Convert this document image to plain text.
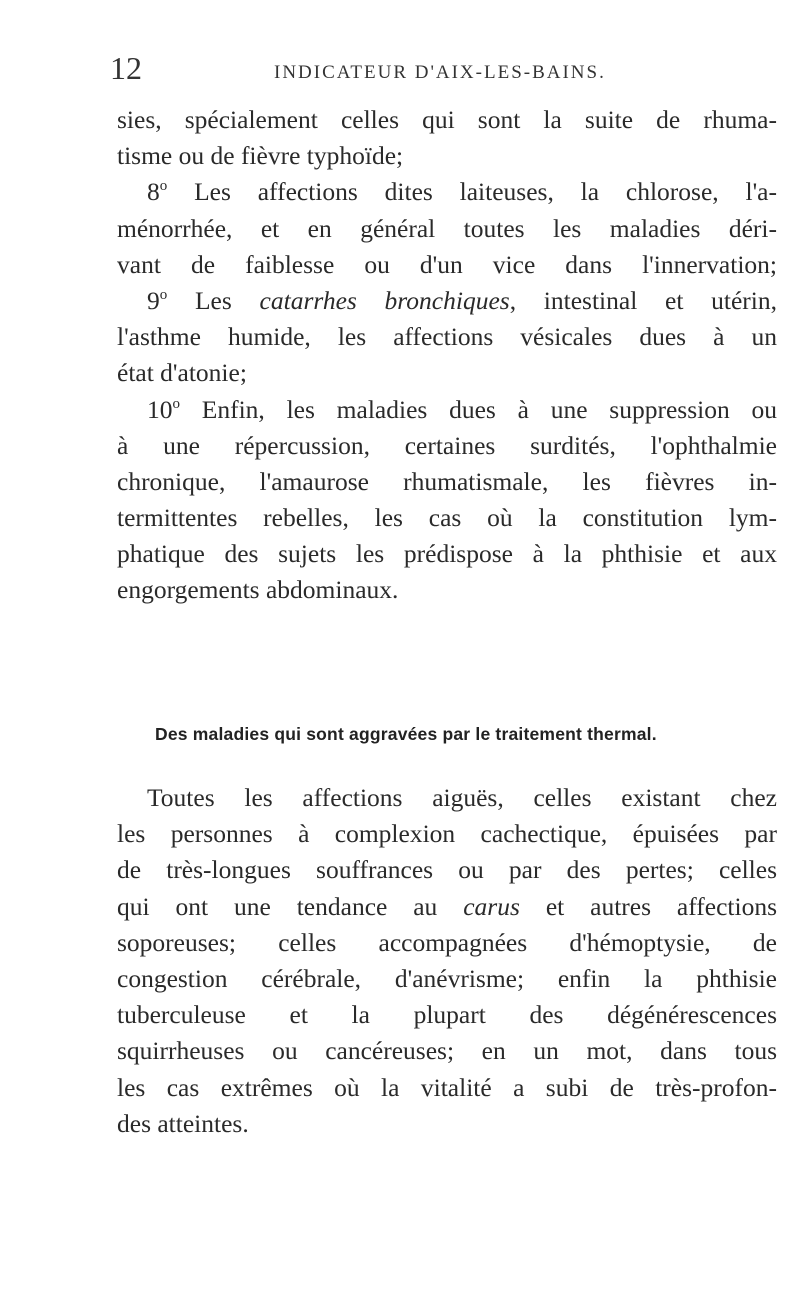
12	INDICATEUR D'AIX-LES-BAINS.
sies, spécialement celles qui sont la suite de rhuma-
tisme ou de fièvre typhoïde;
8$^o$ Les affections dites laiteuses, la chlorose, l'a-
ménorrhée, et en général toutes les maladies déri-
vant de faiblesse ou d'un vice dans l'innervation;
9$^o$ Les catarrhes bronchiques, intestinal et utérin,
l'asthme humide, les affections vésicales dues à un
état d'atonie;
10$^o$ Enfin, les maladies dues à une suppression ou
à une répercussion, certaines surdités, l'ophthalmie
chronique, l'amaurose rhumatismale, les fièvres in-
termittentes rebelles, les cas où la constitution lym-
phatique des sujets les prédispose à la phthisie et aux
engorgements abdominaux.
Des maladies qui sont aggravées par le traitement thermal.
Toutes les affections aiguës, celles existant chez
les personnes à complexion cachectique, épuisées par
de très-longues souffrances ou par des pertes; celles
qui ont une tendance au carus et autres affections
soporeuses; celles accompagnées d'hémoptysie, de
congestion cérébrale, d'anévrisme; enfin la phthisie
tuberculeuse et la plupart des dégénérescences
squirrheuses ou cancéreuses; en un mot, dans tous
les cas extrêmes où la vitalité a subi de très-profon-
des atteintes.
